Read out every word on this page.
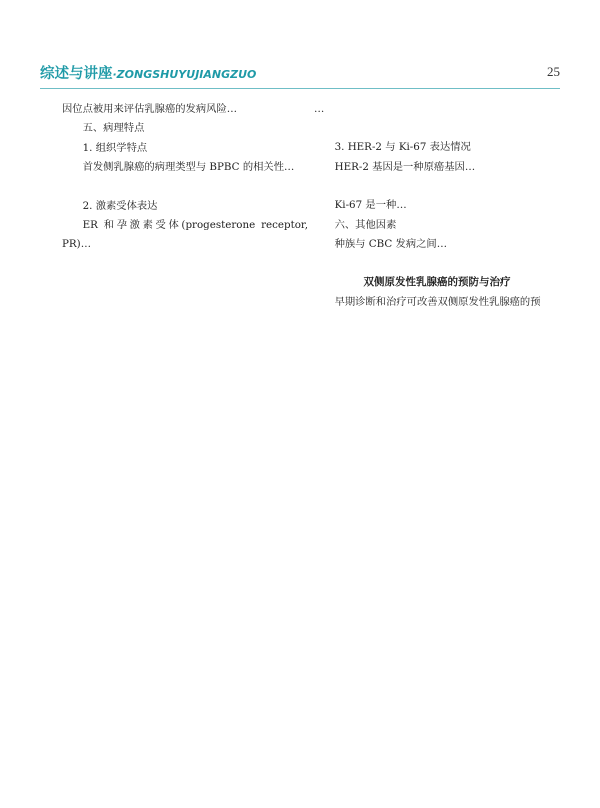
综述与讲座·ZONGSHUYUJIANGZUO	25

因位点被用来评估乳腺癌的发病风险…

五、病理特点

1. 组织学特点

首发侧乳腺癌的病理类型与 BPBC 的相关性…

2. 激素受体表达

ER 和孕激素受体(progesterone receptor, PR)…

…

3. HER-2 与 Ki-67 表达情况

HER-2 基因是一种原癌基因…

Ki-67 是一种…

六、其他因素

种族与 CBC 发病之间…

双侧原发性乳腺癌的预防与治疗

早期诊断和治疗可改善双侧原发性乳腺癌的预
